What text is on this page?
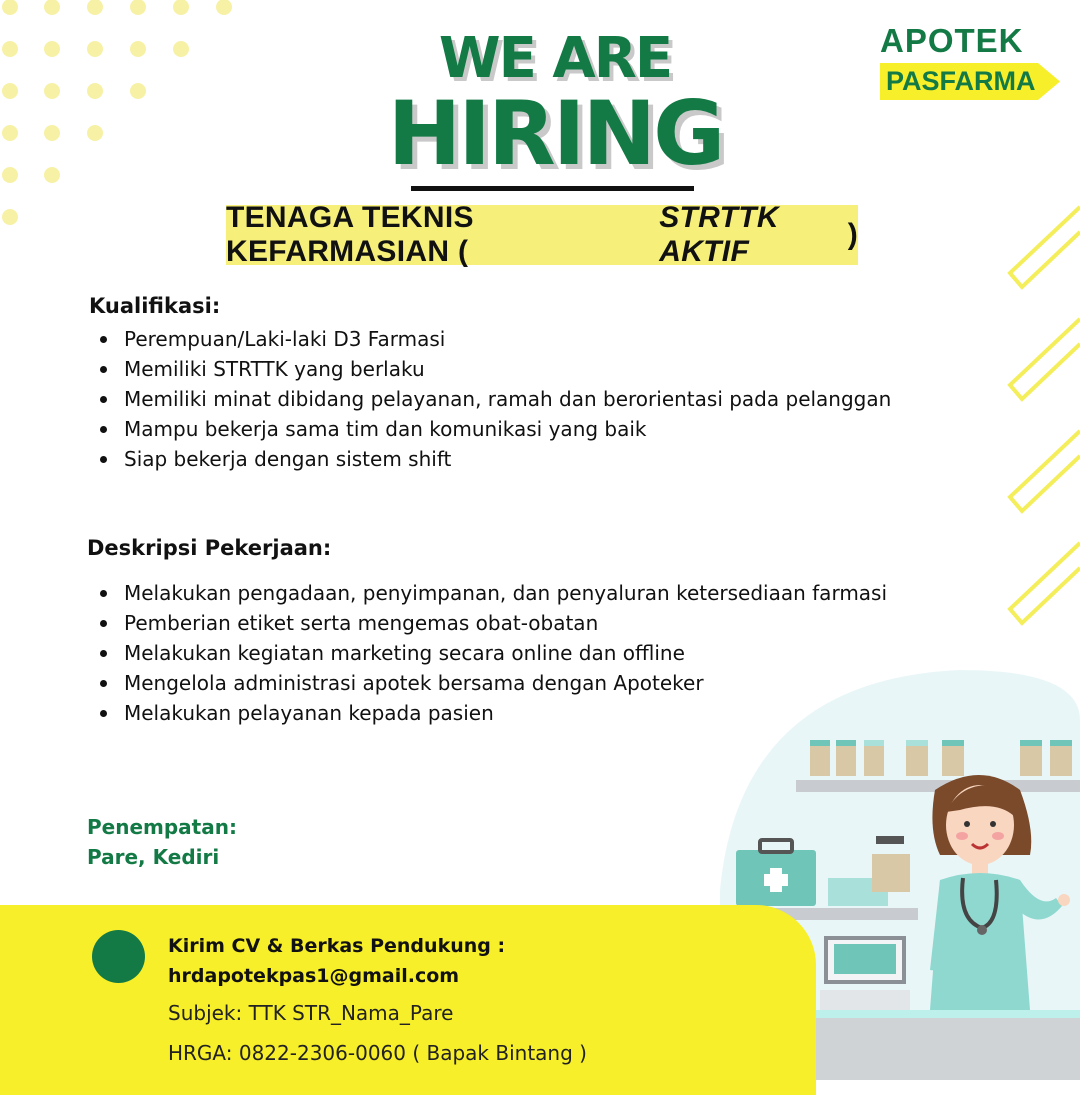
WE ARE
HIRING
APOTEK
PASFARMA
TENAGA TEKNIS KEFARMASIAN (
STRTTK AKTIF
)
Kualifikasi:
Perempuan/Laki-laki D3 Farmasi
Memiliki STRTTK yang berlaku
Memiliki minat dibidang pelayanan, ramah dan berorientasi pada pelanggan
Mampu bekerja sama tim dan komunikasi yang baik
Siap bekerja dengan sistem shift
Deskripsi Pekerjaan:
Melakukan pengadaan, penyimpanan, dan penyaluran ketersediaan farmasi
Pemberian etiket serta mengemas obat-obatan
Melakukan kegiatan marketing secara online dan offline
Mengelola administrasi apotek bersama dengan Apoteker
Melakukan pelayanan kepada pasien
Penempatan:
Pare, Kediri
Kirim CV & Berkas Pendukung :
hrdapotekpas1@gmail.com
Subjek: TTK STR_Nama_Pare
HRGA: 0822-2306-0060 ( Bapak Bintang )
